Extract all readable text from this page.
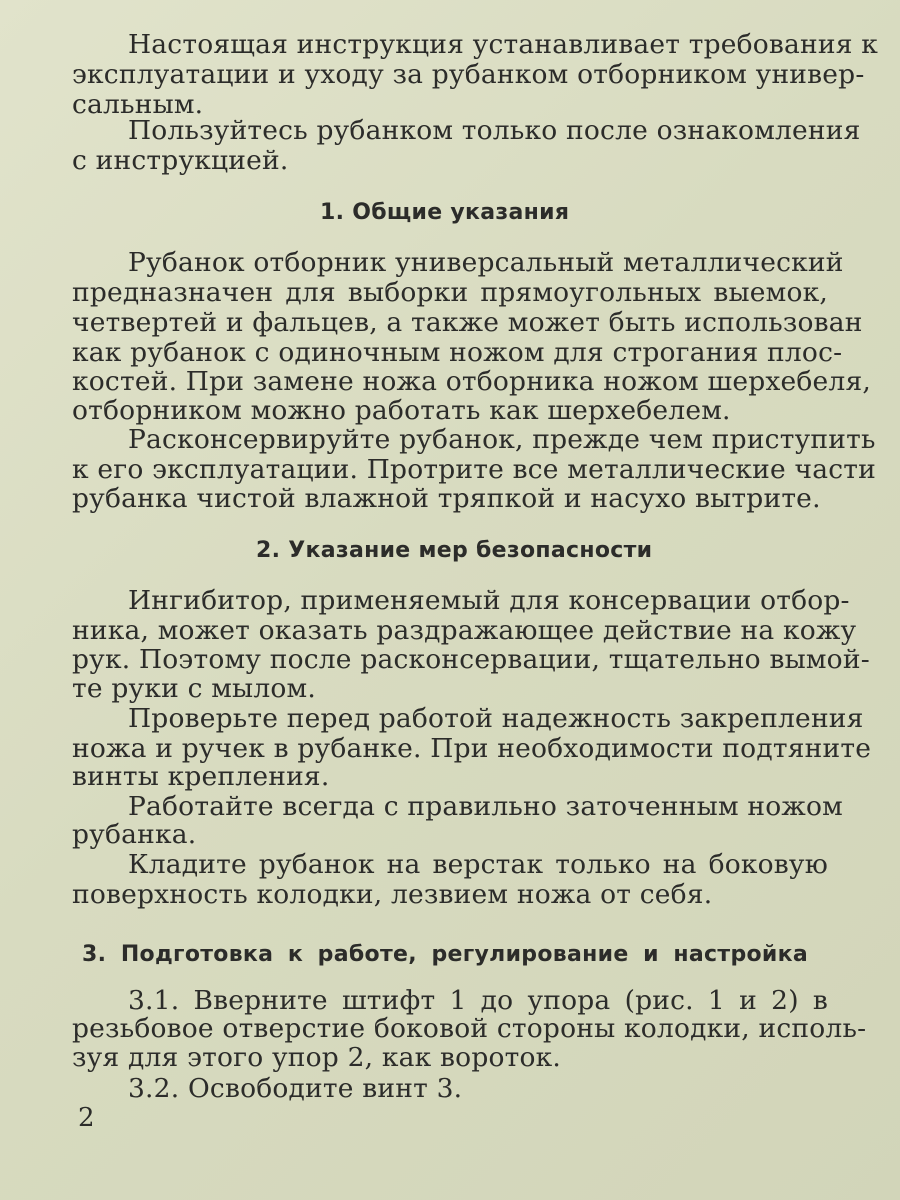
Настоящая инструкция устанавливает требования к
эксплуатации и уходу за рубанком отборником универ-
сальным.
Пользуйтесь рубанком только после ознакомления
с инструкцией.
1. Общие указания
Рубанок отборник универсальный металлический
предназначен для выборки прямоугольных выемок,
четвертей и фальцев, а также может быть использован
как рубанок с одиночным ножом для строгания плос-
костей. При замене ножа отборника ножом шерхебеля,
отборником можно работать как шерхебелем.
Расконсервируйте рубанок, прежде чем приступить
к его эксплуатации. Протрите все металлические части
рубанка чистой влажной тряпкой и насухо вытрите.
2. Указание мер безопасности
Ингибитор, применяемый для консервации отбор-
ника, может оказать раздражающее действие на кожу
рук. Поэтому после расконсервации, тщательно вымой-
те руки с мылом.
Проверьте перед работой надежность закрепления
ножа и ручек в рубанке. При необходимости подтяните
винты крепления.
Работайте всегда с правильно заточенным ножом
рубанка.
Кладите рубанок на верстак только на боковую
поверхность колодки, лезвием ножа от себя.
3. Подготовка к работе, регулирование и настройка
3.1. Вверните штифт 1 до упора (рис. 1 и 2) в
резьбовое отверстие боковой стороны колодки, исполь-
зуя для этого упор 2, как вороток.
3.2. Освободите винт 3.
2
